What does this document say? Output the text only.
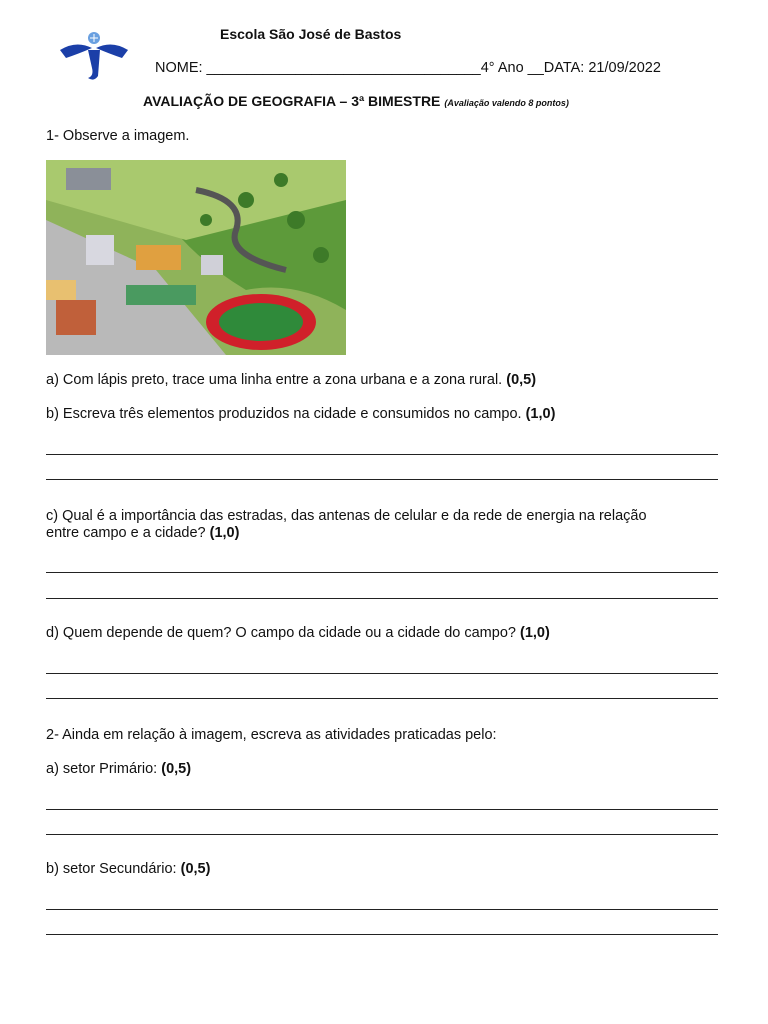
Escola São José de Bastos
NOME: __________________________________4° Ano __DATA: 21/09/2022
AVALIAÇÃO DE GEOGRAFIA – 3ª BIMESTRE (Avaliação valendo 8 pontos)
1- Observe a imagem.
a) Com lápis preto, trace uma linha entre a zona urbana e a zona rural. (0,5)
b) Escreva três elementos produzidos na cidade e consumidos no campo. (1,0)
c) Qual é a importância das estradas, das antenas de celular e da rede de energia na relação
entre campo e a cidade? (1,0)
d) Quem depende de quem? O campo da cidade ou a cidade do campo? (1,0)
2- Ainda em relação à imagem, escreva as atividades praticadas pelo:
a) setor Primário: (0,5)
b) setor Secundário: (0,5)
